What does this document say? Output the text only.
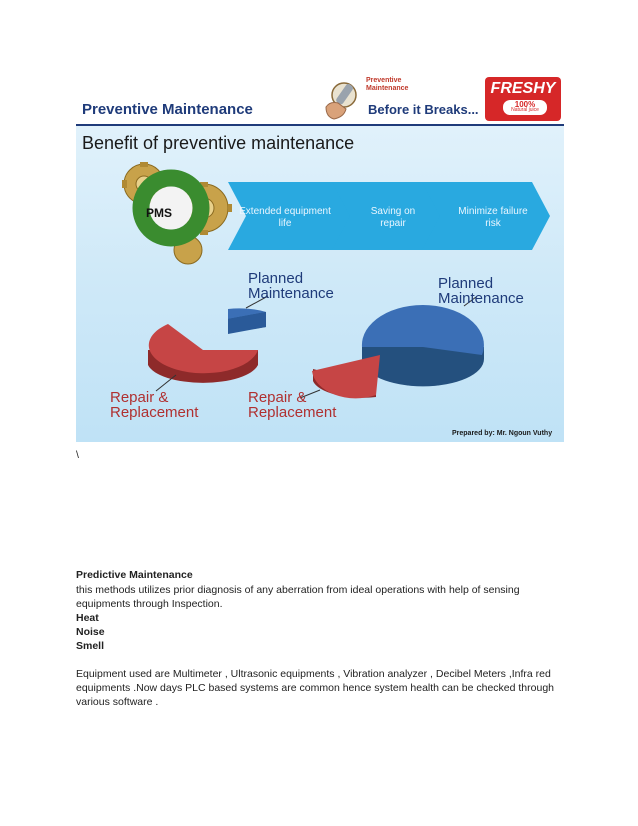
Preventive Maintenance
Preventive
Maintenance
Before it Breaks...
FRESHY
100%
Natural juice
Benefit of preventive maintenance
PMS	Extended equipment
life
Saving on
repair
Minimize failure
risk
Planned
Maintenance
Repair &
Replacement
Planned
Maintenance
Repair &
Replacement
Prepared by: Mr. Ngoun Vuthy
\
Predictive Maintenance
this methods utilizes prior diagnosis of any aberration from ideal operations with help of sensing
equipments through Inspection.
Heat
Noise
Smell
Equipment used are Multimeter , Ultrasonic equipments , Vibration analyzer , Decibel Meters ,Infra red
equipments .Now days PLC based systems are common hence system health can be checked through
various software .
